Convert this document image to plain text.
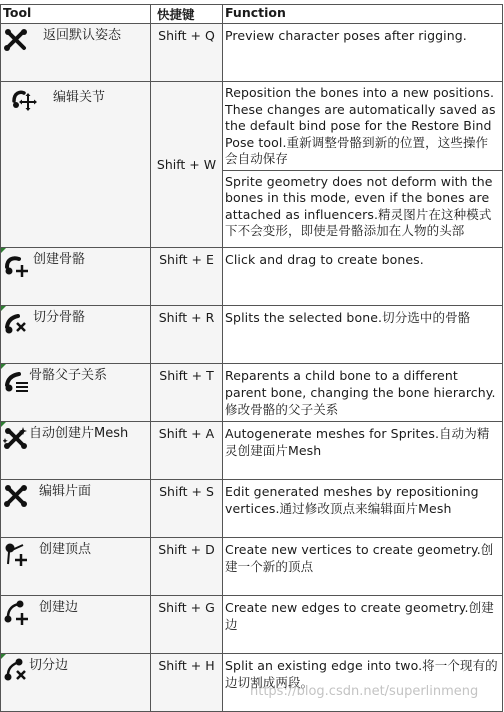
Tool	快捷键	Function

返回默认姿态	Shift + Q	Preview character poses after rigging.

编辑关节	Shift + W	Reposition the bones into a new positions. These changes are automatically saved as the default bind pose for the Restore Bind Pose tool.重新调整骨骼到新的位置，这些操作会自动保存
Sprite geometry does not deform with the bones in this mode, even if the bones are attached as influencers.精灵图片在这种模式下不会变形，即使是骨骼添加在人物的头部

创建骨骼	Shift + E	Click and drag to create bones.

切分骨骼	Shift + R	Splits the selected bone.切分选中的骨骼

骨骼父子关系	Shift + T	Reparents a child bone to a different parent bone, changing the bone hierarchy.修改骨骼的父子关系

自动创建片Mesh	Shift + A	Autogenerate meshes for Sprites.自动为精灵创建面片Mesh

编辑片面	Shift + S	Edit generated meshes by repositioning vertices.通过修改顶点来编辑面片Mesh

创建顶点	Shift + D	Create new vertices to create geometry.创建一个新的顶点

创建边	Shift + G	Create new edges to create geometry.创建边

切分边	Shift + H	Split an existing edge into two.将一个现有的边切割成两段。
https://blog.csdn.net/superlinmeng
